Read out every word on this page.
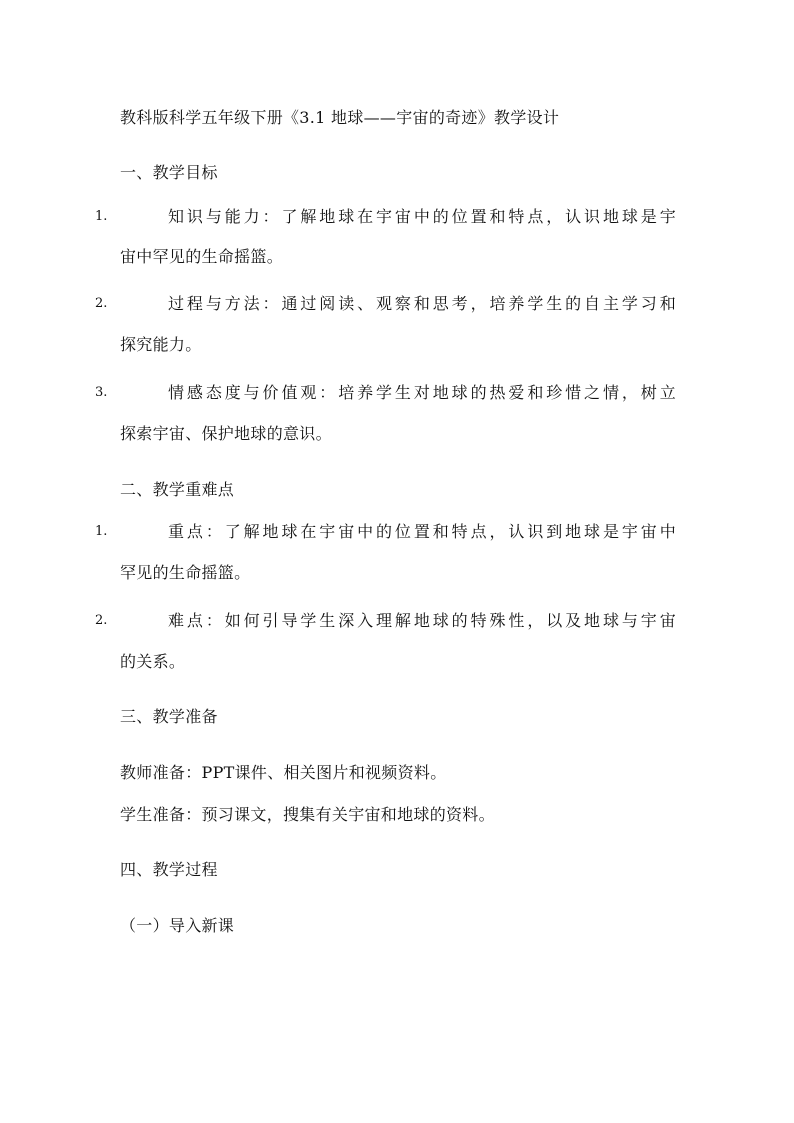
教科版科学五年级下册《3.1 地球——宇宙的奇迹》教学设计
一、教学目标
1.	知识与能力：了解地球在宇宙中的位置和特点，认识地球是宇
宙中罕见的生命摇篮。
2.	过程与方法：通过阅读、观察和思考，培养学生的自主学习和
探究能力。
3.	情感态度与价值观：培养学生对地球的热爱和珍惜之情，树立
探索宇宙、保护地球的意识。
二、教学重难点
1.	重点：了解地球在宇宙中的位置和特点，认识到地球是宇宙中
罕见的生命摇篮。
2.	难点：如何引导学生深入理解地球的特殊性，以及地球与宇宙
的关系。
三、教学准备
教师准备：PPT课件、相关图片和视频资料。
学生准备：预习课文，搜集有关宇宙和地球的资料。
四、教学过程
（一）导入新课
